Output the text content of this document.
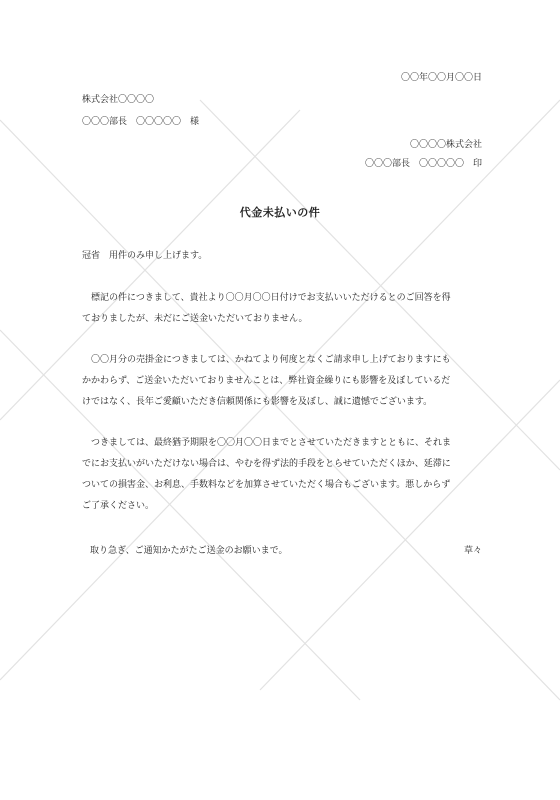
〇〇年〇〇月〇〇日
株式会社〇〇〇〇
〇〇〇部長　〇〇〇〇〇　様
〇〇〇〇株式会社
〇〇〇部長　〇〇〇〇〇　印
代金未払いの件
冠省　用件のみ申し上げます。
標記の件につきまして、貴社より〇〇月〇〇日付けでお支払いいただけるとのご回答を得
ておりましたが、未だにご送金いただいておりません。
〇〇月分の売掛金につきましては、かねてより何度となくご請求申し上げておりますにも
かかわらず、ご送金いただいておりませんことは、弊社資金繰りにも影響を及ぼしているだ
けではなく、長年ご愛顧いただき信頼関係にも影響を及ぼし、誠に遺憾でございます。
つきましては、最終猶予期限を〇〇月〇〇日までとさせていただきますとともに、それま
でにお支払いがいただけない場合は、やむを得ず法的手段をとらせていただくほか、延滞に
ついての損害金、お利息、手数料などを加算させていただく場合もございます。悪しからず
ご了承ください。
取り急ぎ、ご通知かたがたご送金のお願いまで。	草々
